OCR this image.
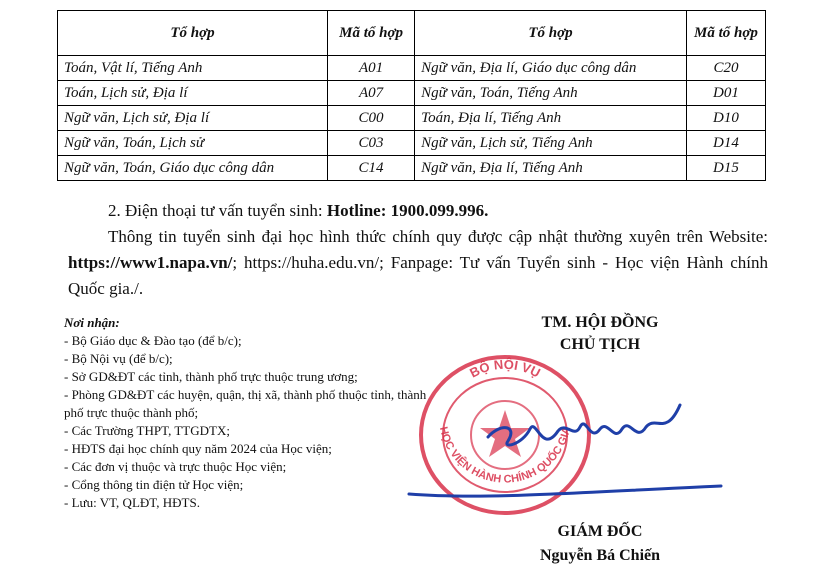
Tổ hợp	Mã tổ hợp	Tổ hợp	Mã tổ hợp
Toán, Vật lí, Tiếng Anh	A01	Ngữ văn, Địa lí, Giáo dục công dân	C20
Toán, Lịch sử, Địa lí	A07	Ngữ văn, Toán, Tiếng Anh	D01
Ngữ văn, Lịch sử, Địa lí	C00	Toán, Địa lí, Tiếng Anh	D10
Ngữ văn, Toán, Lịch sử	C03	Ngữ văn, Lịch sử, Tiếng Anh	D14
Ngữ văn, Toán, Giáo dục công dân	C14	Ngữ văn, Địa lí, Tiếng Anh	D15
2. Điện thoại tư vấn tuyển sinh: Hotline: 1900.099.996.
Thông tin tuyển sinh đại học hình thức chính quy được cập nhật thường xuyên trên Website: https://www1.napa.vn/; https://huha.edu.vn/; Fanpage: Tư vấn Tuyển sinh - Học viện Hành chính Quốc gia./.
Nơi nhận:
- Bộ Giáo dục & Đào tạo (để b/c);
- Bộ Nội vụ (để b/c);
- Sở GD&ĐT các tỉnh, thành phố trực thuộc trung ương;
- Phòng GD&ĐT các huyện, quận, thị xã, thành phố thuộc tỉnh, thành phố trực thuộc thành phố;
- Các Trường THPT, TTGDTX;
- HĐTS đại học chính quy năm 2024 của Học viện;
- Các đơn vị thuộc và trực thuộc Học viện;
- Cổng thông tin điện tử Học viện;
- Lưu: VT, QLĐT, HĐTS.
TM. HỘI ĐỒNG
CHỦ TỊCH
BỘ NỘI VỤ
HỌC VIỆN HÀNH CHÍNH QUỐC GIA
GIÁM ĐỐC
Nguyễn Bá Chiến
